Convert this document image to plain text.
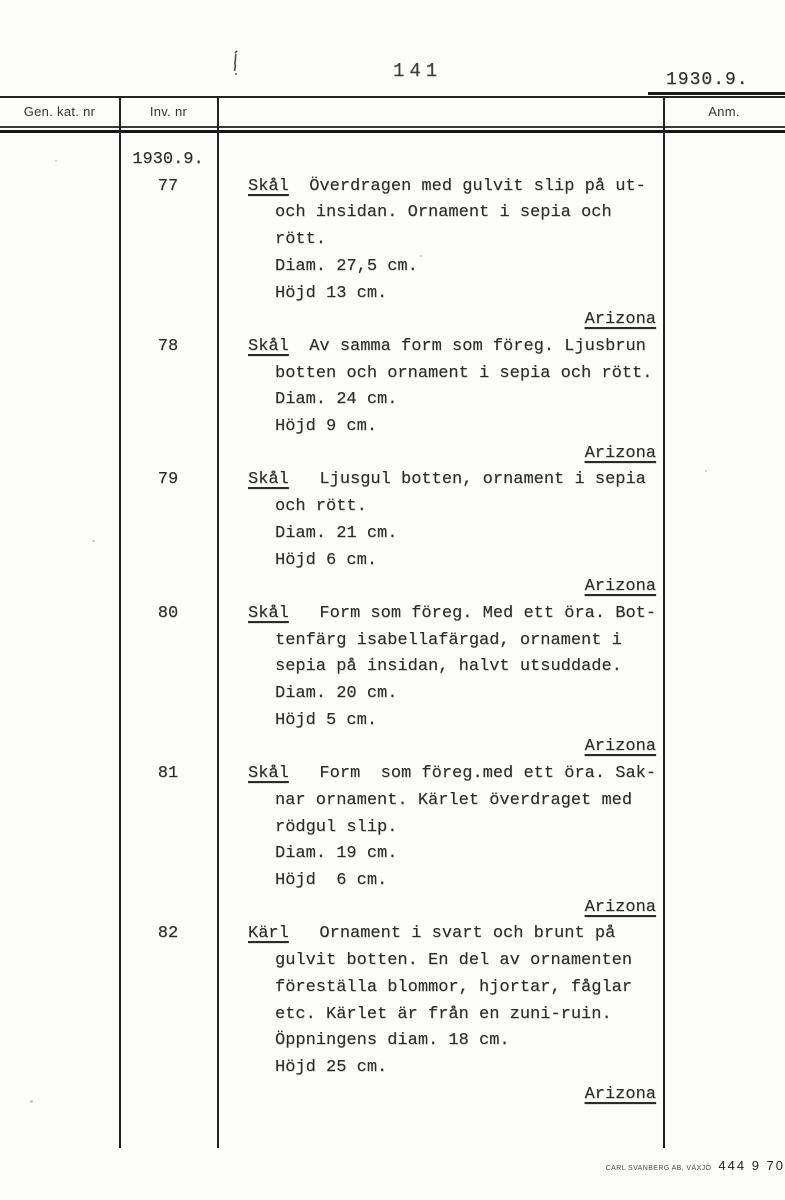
141	1930.9.
Gen. kat. nr	Inv. nr	Anm.
1930.9.
77	Skål  Överdragen med gulvit slip på ut-
och insidan. Ornament i sepia och
rött.
Diam. 27,5 cm.
Höjd 13 cm.
Arizona
78	Skål  Av samma form som föreg. Ljusbrun
botten och ornament i sepia och rött.
Diam. 24 cm.
Höjd 9 cm.
Arizona
79	Skål   Ljusgul botten, ornament i sepia
och rött.
Diam. 21 cm.
Höjd 6 cm.
Arizona
80	Skål   Form som föreg. Med ett öra. Bot-
tenfärg isabellafärgad, ornament i
sepia på insidan, halvt utsuddade.
Diam. 20 cm.
Höjd 5 cm.
Arizona
81	Skål   Form  som föreg.med ett öra. Sak-
nar ornament. Kärlet överdraget med
rödgul slip.
Diam. 19 cm.
Höjd  6 cm.
Arizona
82	Kärl   Ornament i svart och brunt på
gulvit botten. En del av ornamenten
föreställa blommor, hjortar, fåglar
etc. Kärlet är från en zuni-ruin.
Öppningens diam. 18 cm.
Höjd 25 cm.
Arizona
CARL SVANBERG AB, VÄXJÖ 444 9 70
